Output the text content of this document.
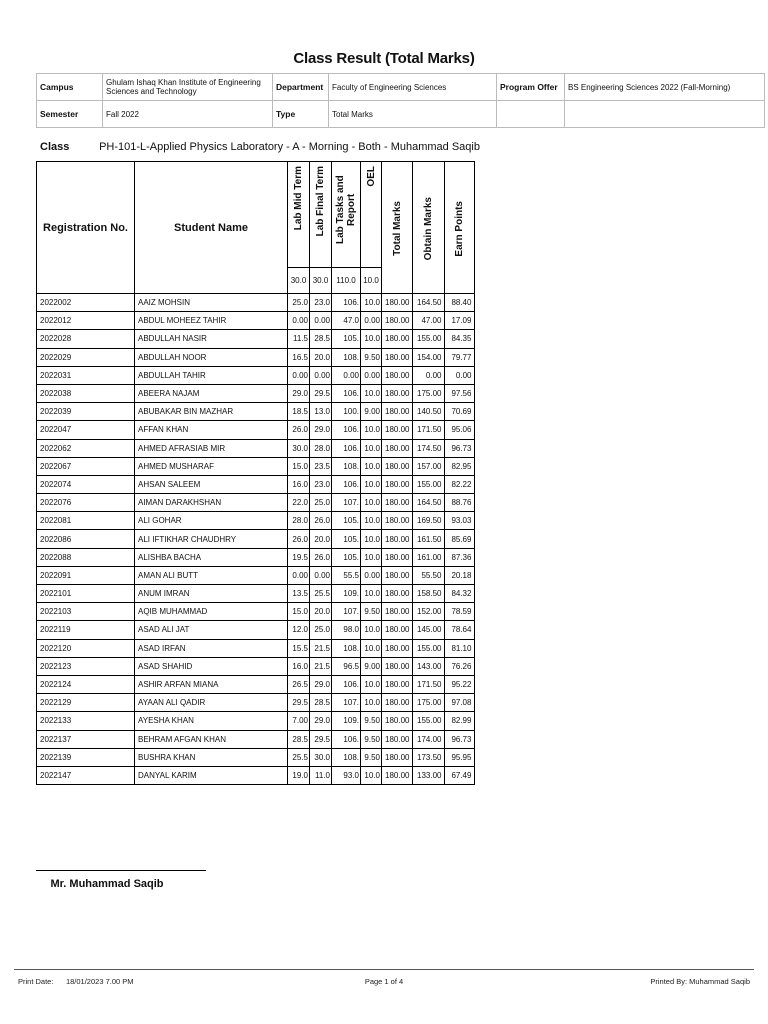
Class Result (Total Marks)
Campus	Ghulam Ishaq Khan Institute of Engineering Sciences and Technology	Department	Faculty of Engineering Sciences	Program Offer	BS Engineering Sciences 2022 (Fall-Morning)
Semester	Fall 2022	Type	Total Marks		
Class	PH-101-L-Applied Physics Laboratory - A - Morning - Both - Muhammad Saqib
Registration No.	Student Name	Lab Mid Term	Lab Final Term	Lab Tasks and Report	OEL	Total Marks	Obtain Marks	Earn Points
		30.0	30.0	110.0	10.0			
2022002	AAIZ MOHSIN	25.0	23.0	106.	10.0	180.00	164.50	88.40
2022012	ABDUL MOHEEZ TAHIR	0.00	0.00	47.0	0.00	180.00	47.00	17.09
2022028	ABDULLAH NASIR	11.5	28.5	105.	10.0	180.00	155.00	84.35
2022029	ABDULLAH NOOR	16.5	20.0	108.	9.50	180.00	154.00	79.77
2022031	ABDULLAH TAHIR	0.00	0.00	0.00	0.00	180.00	0.00	0.00
2022038	ABEERA NAJAM	29.0	29.5	106.	10.0	180.00	175.00	97.56
2022039	ABUBAKAR BIN MAZHAR	18.5	13.0	100.	9.00	180.00	140.50	70.69
2022047	AFFAN KHAN	26.0	29.0	106.	10.0	180.00	171.50	95.06
2022062	AHMED AFRASIAB MIR	30.0	28.0	106.	10.0	180.00	174.50	96.73
2022067	AHMED MUSHARAF	15.0	23.5	108.	10.0	180.00	157.00	82.95
2022074	AHSAN SALEEM	16.0	23.0	106.	10.0	180.00	155.00	82.22
2022076	AIMAN DARAKHSHAN	22.0	25.0	107.	10.0	180.00	164.50	88.76
2022081	ALI GOHAR	28.0	26.0	105.	10.0	180.00	169.50	93.03
2022086	ALI IFTIKHAR CHAUDHRY	26.0	20.0	105.	10.0	180.00	161.50	85.69
2022088	ALISHBA BACHA	19.5	26.0	105.	10.0	180.00	161.00	87.36
2022091	AMAN ALI BUTT	0.00	0.00	55.5	0.00	180.00	55.50	20.18
2022101	ANUM IMRAN	13.5	25.5	109.	10.0	180.00	158.50	84.32
2022103	AQIB MUHAMMAD	15.0	20.0	107.	9.50	180.00	152.00	78.59
2022119	ASAD ALI JAT	12.0	25.0	98.0	10.0	180.00	145.00	78.64
2022120	ASAD IRFAN	15.5	21.5	108.	10.0	180.00	155.00	81.10
2022123	ASAD SHAHID	16.0	21.5	96.5	9.00	180.00	143.00	76.26
2022124	ASHIR ARFAN MIANA	26.5	29.0	106.	10.0	180.00	171.50	95.22
2022129	AYAAN ALI QADIR	29.5	28.5	107.	10.0	180.00	175.00	97.08
2022133	AYESHA KHAN	7.00	29.0	109.	9.50	180.00	155.00	82.99
2022137	BEHRAM AFGAN KHAN	28.5	29.5	106.	9.50	180.00	174.00	96.73
2022139	BUSHRA KHAN	25.5	30.0	108.	9.50	180.00	173.50	95.95
2022147	DANYAL KARIM	19.0	11.0	93.0	10.0	180.00	133.00	67.49
Mr. Muhammad Saqib
Print Date: 18/01/2023 7.00 PM	Page 1 of 4	Printed By: Muhammad Saqib
